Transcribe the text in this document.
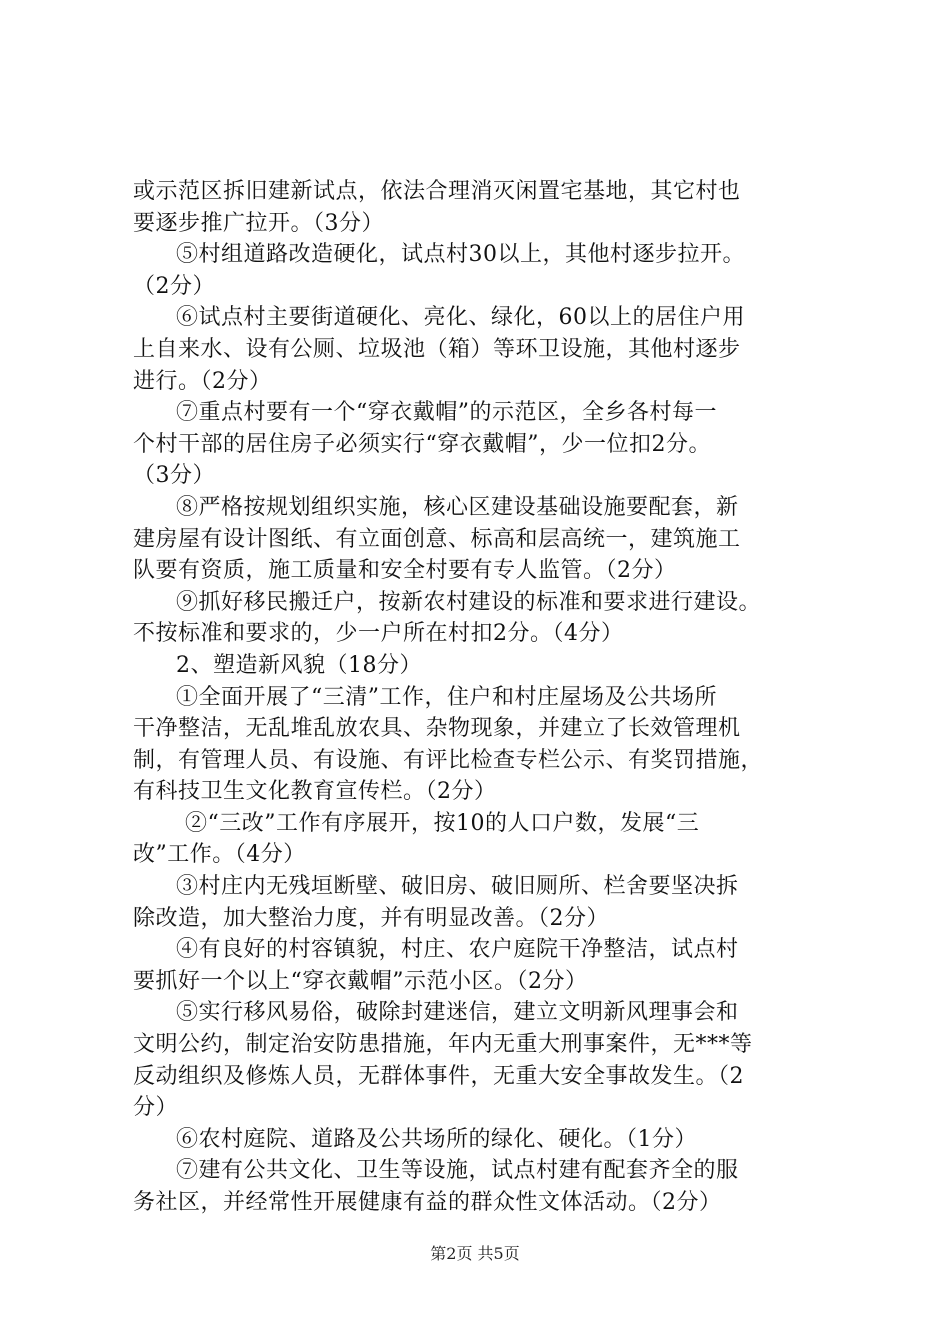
或示范区拆旧建新试点，依法合理消灭闲置宅基地，其它村也
要逐步推广拉开。（3分）
⑤村组道路改造硬化，试点村30以上，其他村逐步拉开。
（2分）
⑥试点村主要街道硬化、亮化、绿化，60以上的居住户用
上自来水、设有公厕、垃圾池（箱）等环卫设施，其他村逐步
进行。（2分）
⑦重点村要有一个“穿衣戴帽”的示范区，全乡各村每一
个村干部的居住房子必须实行“穿衣戴帽”，少一位扣2分。
（3分）
⑧严格按规划组织实施，核心区建设基础设施要配套，新
建房屋有设计图纸、有立面创意、标高和层高统一，建筑施工
队要有资质，施工质量和安全村要有专人监管。（2分）
⑨抓好移民搬迁户，按新农村建设的标准和要求进行建设。
不按标准和要求的，少一户所在村扣2分。（4分）
2、塑造新风貌（18分）
①全面开展了“三清”工作，住户和村庄屋场及公共场所
干净整洁，无乱堆乱放农具、杂物现象，并建立了长效管理机
制，有管理人员、有设施、有评比检查专栏公示、有奖罚措施，
有科技卫生文化教育宣传栏。（2分）
②“三改”工作有序展开，按10的人口户数，发展“三
改”工作。（4分）
③村庄内无残垣断壁、破旧房、破旧厕所、栏舍要坚决拆
除改造，加大整治力度，并有明显改善。（2分）
④有良好的村容镇貌，村庄、农户庭院干净整洁，试点村
要抓好一个以上“穿衣戴帽”示范小区。（2分）
⑤实行移风易俗，破除封建迷信，建立文明新风理事会和
文明公约，制定治安防患措施，年内无重大刑事案件，无***等
反动组织及修炼人员，无群体事件，无重大安全事故发生。（2
分）
⑥农村庭院、道路及公共场所的绿化、硬化。（1分）
⑦建有公共文化、卫生等设施，试点村建有配套齐全的服
务社区，并经常性开展健康有益的群众性文体活动。（2分）
第2页 共5页
